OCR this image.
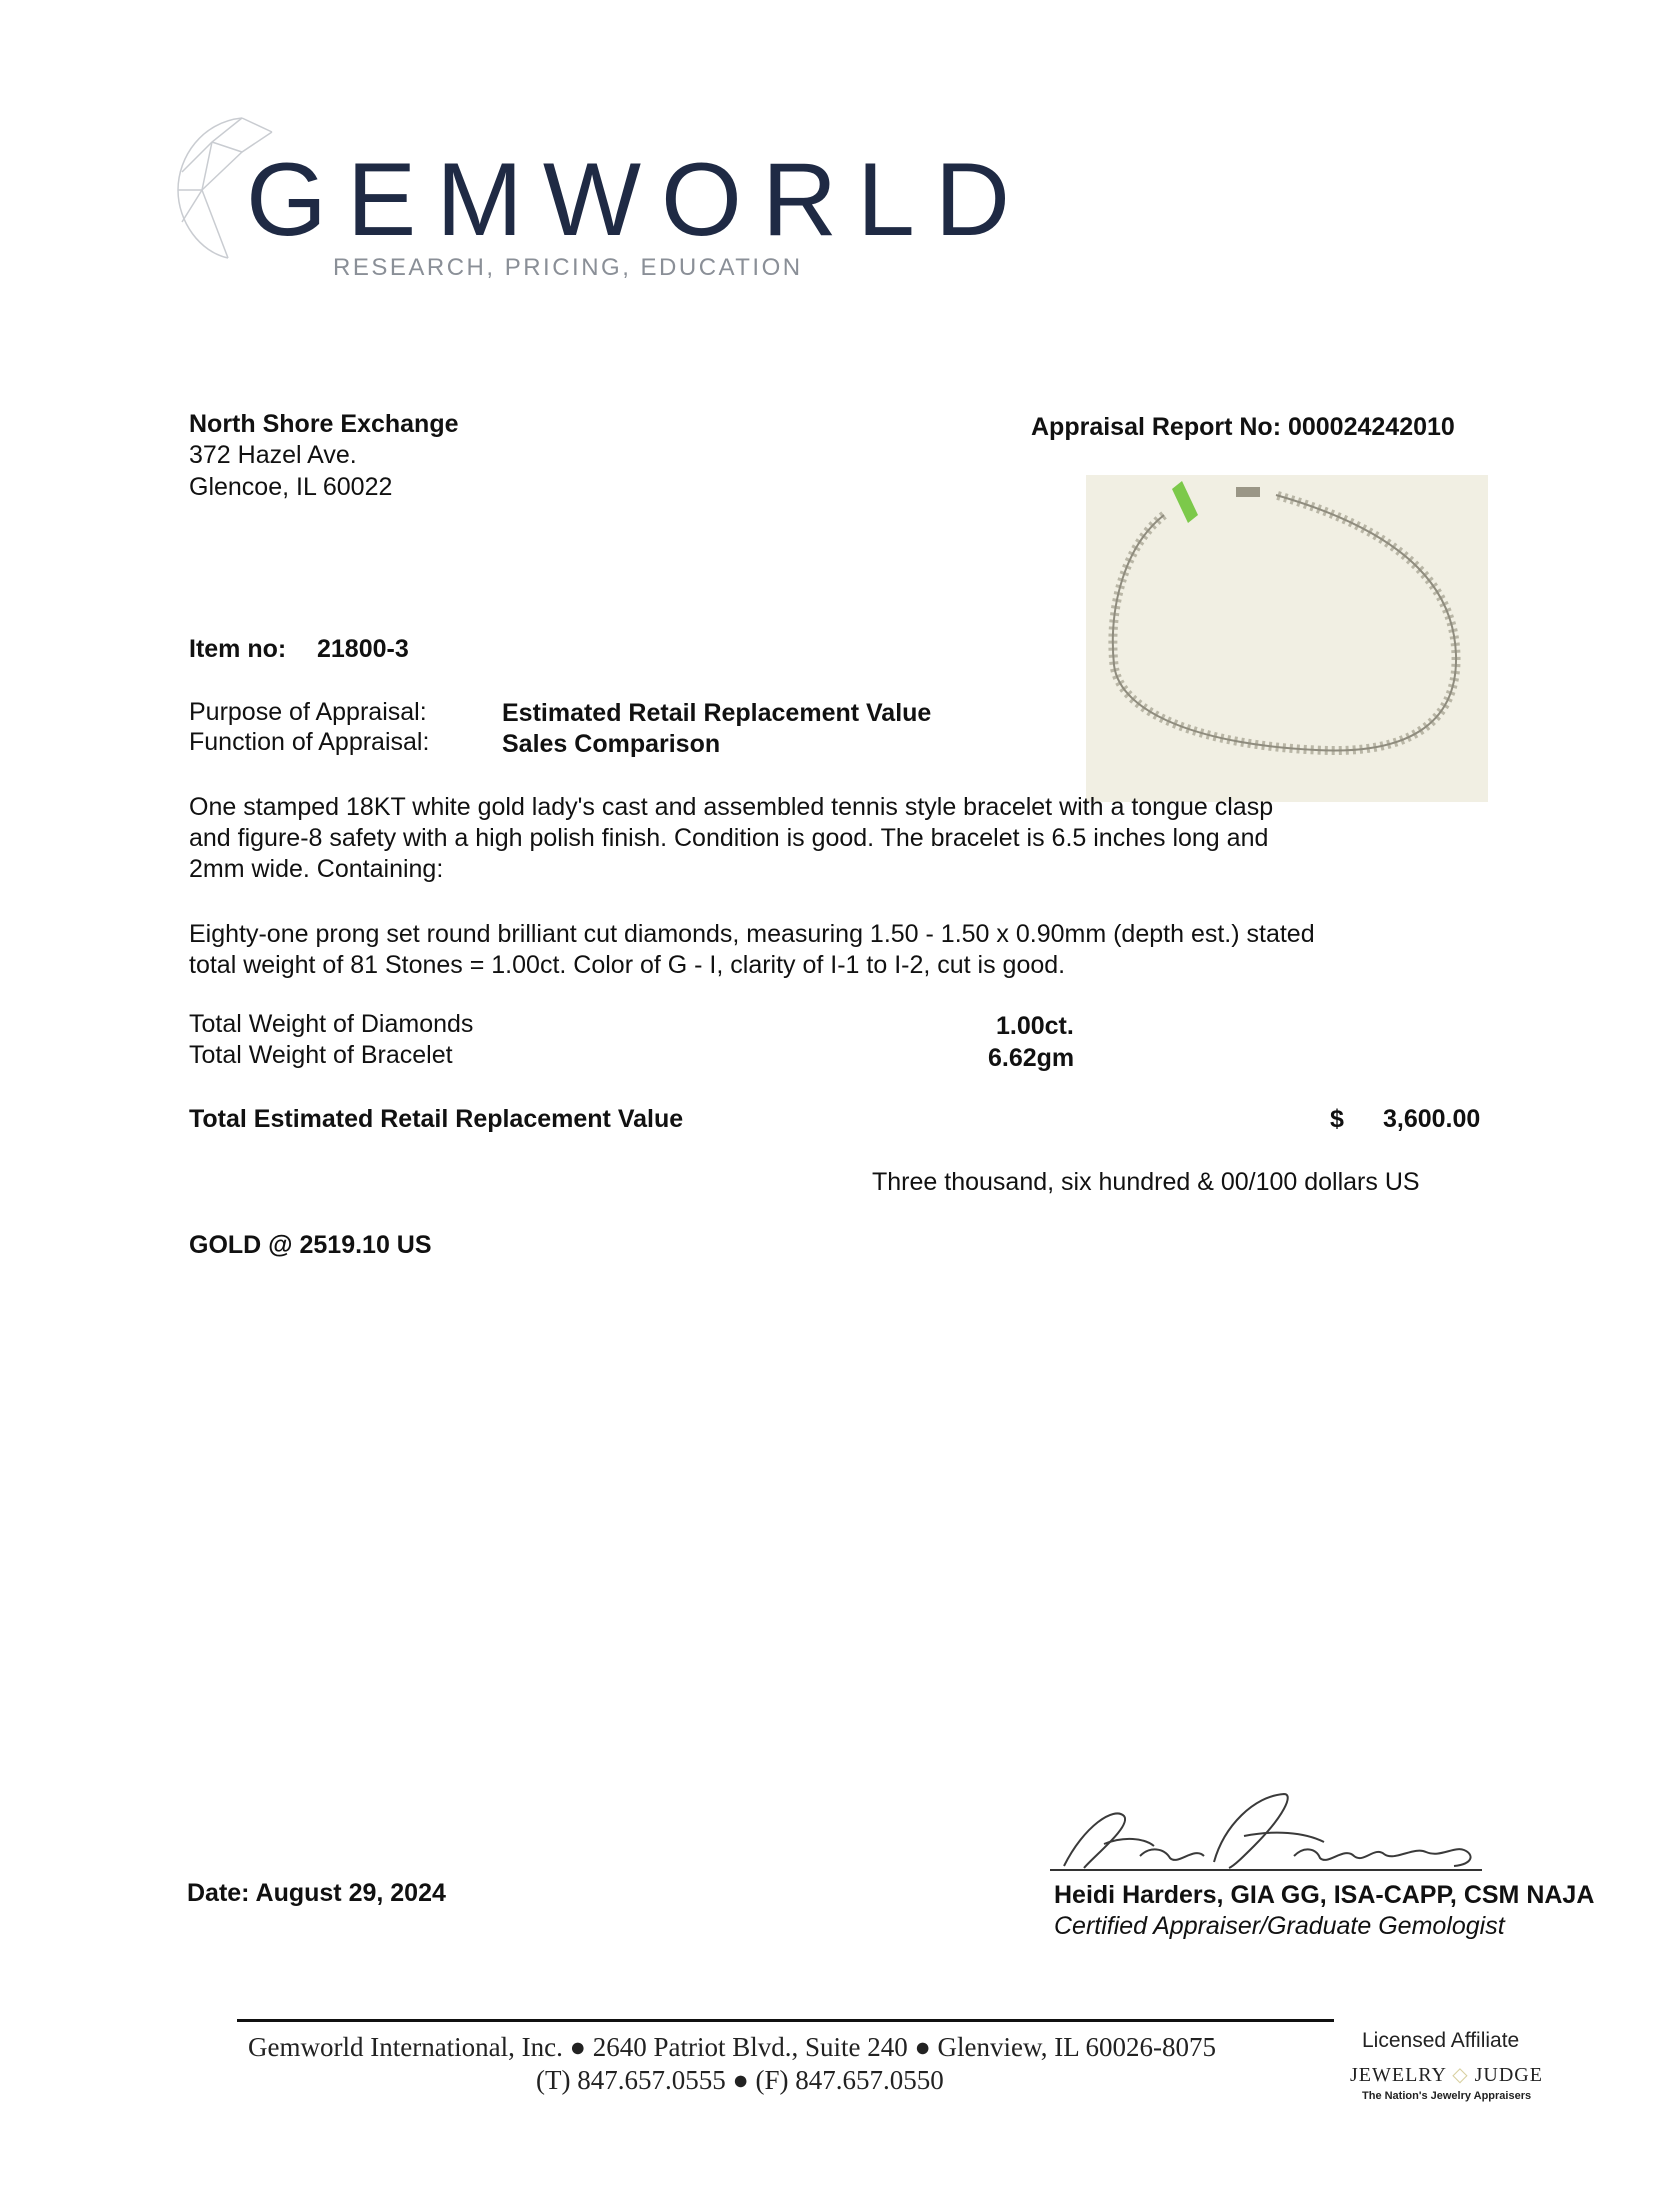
GEMWORLD
RESEARCH, PRICING, EDUCATION
North Shore Exchange
372 Hazel Ave.
Glencoe, IL 60022
Appraisal Report No: 000024242010
Item no: 21800-3
Purpose of Appraisal:	Estimated Retail Replacement Value
Function of Appraisal:	Sales Comparison
One stamped 18KT white gold lady's cast and assembled tennis style bracelet with a tongue clasp
and figure-8 safety with a high polish finish. Condition is good. The bracelet is 6.5 inches long and
2mm wide. Containing:
Eighty-one prong set round brilliant cut diamonds, measuring 1.50 - 1.50 x 0.90mm (depth est.) stated
total weight of 81 Stones = 1.00ct. Color of G - I, clarity of I-1 to I-2, cut is good.
Total Weight of Diamonds	1.00ct.
Total Weight of Bracelet	6.62gm
Total Estimated Retail Replacement Value	$ 3,600.00
Three thousand, six hundred & 00/100 dollars US
GOLD @ 2519.10 US
Date: August 29, 2024	Heidi Harders, GIA GG, ISA-CAPP, CSM NAJA
Certified Appraiser/Graduate Gemologist
Gemworld International, Inc. ● 2640 Patriot Blvd., Suite 240 ● Glenview, IL 60026-8075
(T) 847.657.0555 ● (F) 847.657.0550
Licensed Affiliate
JEWELRY ◇ JUDGE
The Nation's Jewelry Appraisers
